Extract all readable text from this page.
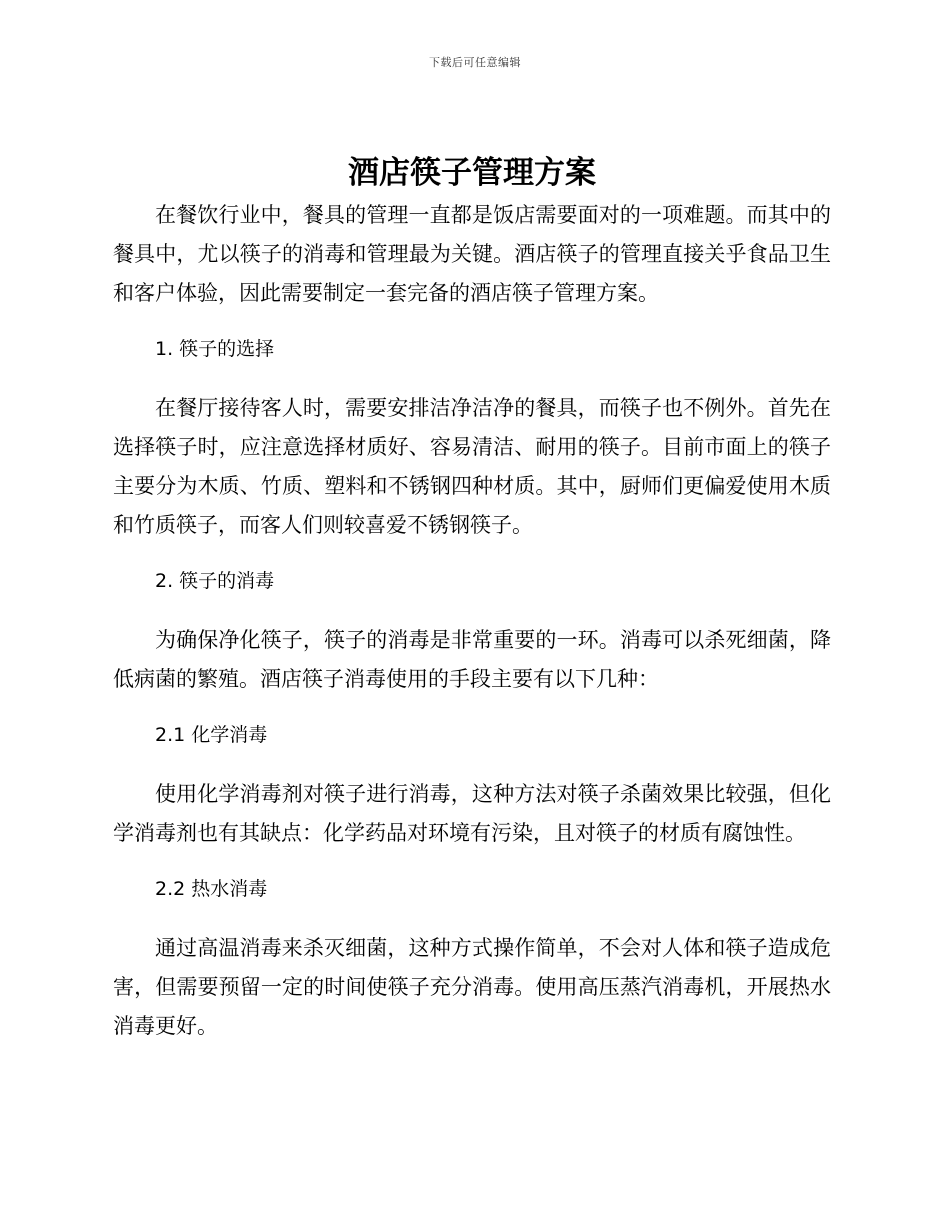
下载后可任意编辑
酒店筷子管理方案

在餐饮行业中，餐具的管理一直都是饭店需要面对的一项难题。而其中的餐具中，尤以筷子的消毒和管理最为关键。酒店筷子的管理直接关乎食品卫生和客户体验，因此需要制定一套完备的酒店筷子管理方案。

1. 筷子的选择

在餐厅接待客人时，需要安排洁净洁净的餐具，而筷子也不例外。首先在选择筷子时，应注意选择材质好、容易清洁、耐用的筷子。目前市面上的筷子主要分为木质、竹质、塑料和不锈钢四种材质。其中，厨师们更偏爱使用木质和竹质筷子，而客人们则较喜爱不锈钢筷子。

2. 筷子的消毒

为确保净化筷子，筷子的消毒是非常重要的一环。消毒可以杀死细菌，降低病菌的繁殖。酒店筷子消毒使用的手段主要有以下几种：

2.1 化学消毒

使用化学消毒剂对筷子进行消毒，这种方法对筷子杀菌效果比较强，但化学消毒剂也有其缺点：化学药品对环境有污染，且对筷子的材质有腐蚀性。

2.2 热水消毒

通过高温消毒来杀灭细菌，这种方式操作简单，不会对人体和筷子造成危害，但需要预留一定的时间使筷子充分消毒。使用高压蒸汽消毒机，开展热水消毒更好。
